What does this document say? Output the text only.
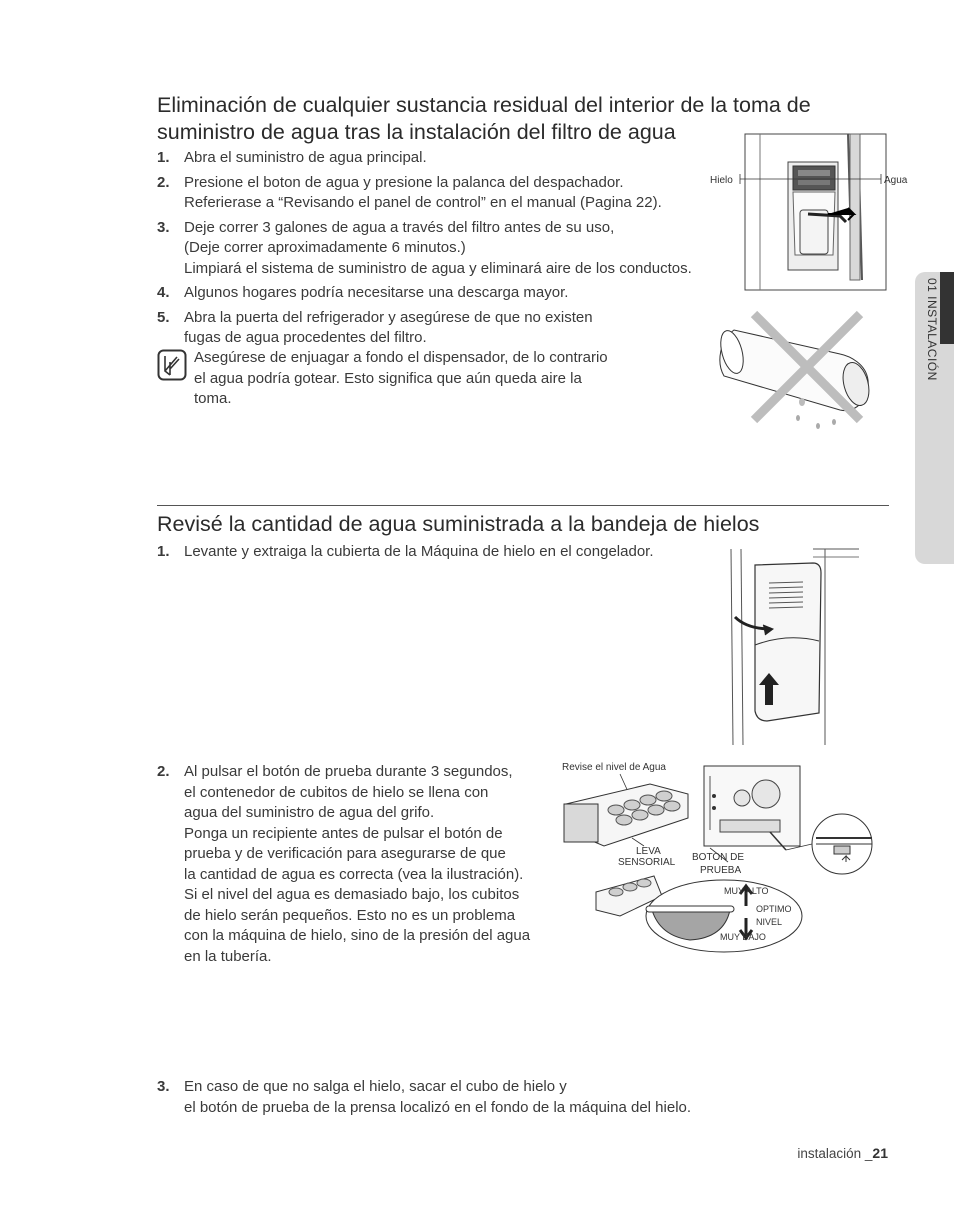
01 INSTALACIÓN
Eliminación de cualquier sustancia residual del interior de la toma de
suministro de agua tras la instalación del filtro de agua
1. Abra el suministro de agua principal.
2. Presione el boton de agua y presione la palanca del despachador.
Referierase a “Revisando el panel de control” en el manual (Pagina 22).
3. Deje correr 3 galones de agua a través del filtro antes de su uso,
(Deje correr aproximadamente 6 minutos.)
Limpiará el sistema de suministro de agua y eliminará aire de los conductos.
4. Algunos hogares podría necesitarse una descarga mayor.
5. Abra la puerta del refrigerador y asegúrese de que no existen
fugas de agua procedentes del filtro.
Asegúrese de enjuagar a fondo el dispensador, de lo contrario
el agua podría gotear. Esto significa que aún queda aire la
toma.
Hielo	Agua
Revisé la cantidad de agua suministrada a la bandeja de hielos
1. Levante y extraiga la cubierta de la Máquina de hielo en el congelador.
2. Al pulsar el botón de prueba durante 3 segundos,
el contenedor de cubitos de hielo se llena con
agua del suministro de agua del grifo.
Ponga un recipiente antes de pulsar el botón de
prueba y de verificación para asegurarse de que
la cantidad de agua es correcta (vea la ilustración).
Si el nivel del agua es demasiado bajo, los cubitos
de hielo serán pequeños. Esto no es un problema
con la máquina de hielo, sino de la presión del agua
en la tubería.
Revise el nivel de Agua
LEVA
SENSORIAL BOTON DE
PRUEBA
MUY ALTO
OPTIMO
NIVEL
MUY BAJO
3. En caso de que no salga el hielo, sacar el cubo de hielo y
el botón de prueba de la prensa localizó en el fondo de la máquina del hielo.
instalación _21
